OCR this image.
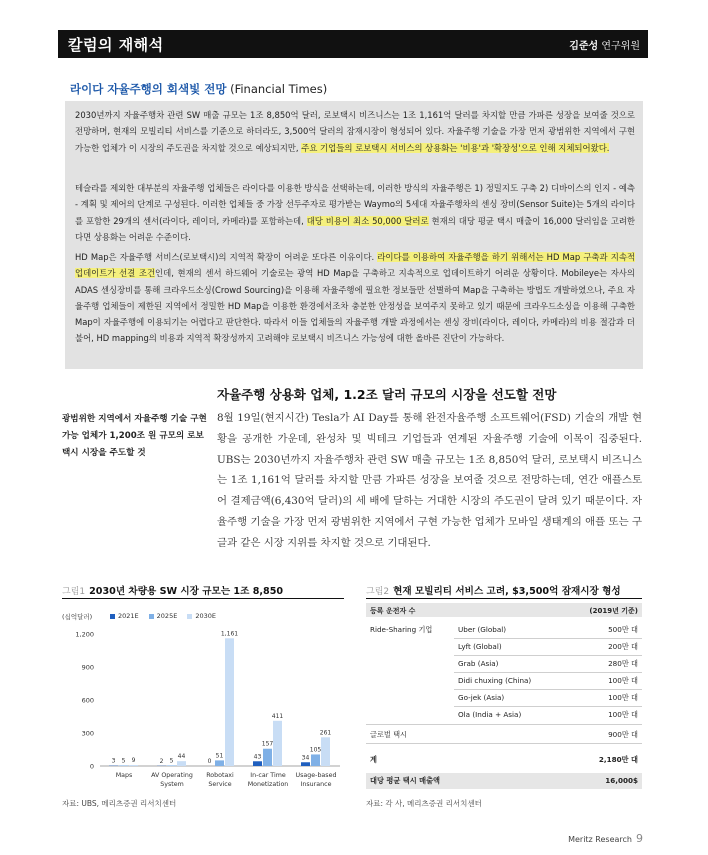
칼럼의 재해석	김준성 연구위원
라이다 자율주행의 회색빛 전망 (Financial Times)
2030년까지 자율주행차 관련 SW 매출 규모는 1조 8,850억 달러, 로보택시 비즈니스는 1조 1,161억 달러를 차지할 만큼 가파른 성장을 보여줄 것으로 전망하며, 현재의 모빌리티 서비스를 기준으로 하더라도, 3,500억 달러의 잠재시장이 형성되어 있다. 자율주행 기술을 가장 먼저 광범위한 지역에서 구현 가능한 업체가 이 시장의 주도권을 차지할 것으로 예상되지만, 주요 기업들의 로보택시 서비스의 상용화는 '비용'과 '확장성'으로 인해 지체되어왔다.
테슬라를 제외한 대부분의 자율주행 업체들은 라이다를 이용한 방식을 선택하는데, 이러한 방식의 자율주행은 1) 정밀지도 구축 2) 디바이스의 인지 - 예측 - 계획 및 제어의 단계로 구성된다. 이러한 업체들 중 가장 선두주자로 평가받는 Waymo의 5세대 자율주행차의 센싱 장비(Sensor Suite)는 5개의 라이다를 포함한 29개의 센서(라이다, 레이더, 카메라)를 포함하는데, 대당 비용이 최소 50,000 달러로 현재의 대당 평균 택시 매출이 16,000 달러임을 고려한다면 상용화는 어려운 수준이다.
HD Map은 자율주행 서비스(로보택시)의 지역적 확장이 어려운 또다른 이유이다. 라이다를 이용하여 자율주행을 하기 위해서는 HD Map 구축과 지속적 업데이트가 선결 조건인데, 현재의 센서 하드웨어 기술로는 광역 HD Map을 구축하고 지속적으로 업데이트하기 어려운 상황이다. Mobileye는 자사의 ADAS 센싱장비를 통해 크라우드소싱(Crowd Sourcing)을 이용해 자율주행에 필요한 정보들만 선별하여 Map을 구축하는 방법도 개발하였으나, 주요 자율주행 업체들이 제한된 지역에서 정밀한 HD Map을 이용한 환경에서조차 충분한 안정성을 보여주지 못하고 있기 때문에 크라우드소싱을 이용해 구축한 Map이 자율주행에 이용되기는 어렵다고 판단한다. 따라서 이들 업체들의 자율주행 개발 과정에서는 센싱 장비(라이다, 레이다, 카메라)의 비용 절감과 더불어, HD mapping의 비용과 지역적 확장성까지 고려해야 로보택시 비즈니스 가능성에 대한 올바른 진단이 가능하다.
자율주행 상용화 업체, 1.2조 달러 규모의 시장을 선도할 전망
광범위한 지역에서 자율주행 기술 구현 가능 업체가 1,200조 원 규모의 로보택시 시장을 주도할 것
8월 19일(현지시간) Tesla가 AI Day를 통해 완전자율주행 소프트웨어(FSD) 기술의 개발 현황을 공개한 가운데, 완성차 및 빅테크 기업들과 연계된 자율주행 기술에 이목이 집중된다. UBS는 2030년까지 자율주행차 관련 SW 매출 규모는 1조 8,850억 달러, 로보택시 비즈니스는 1조 1,161억 달러를 차지할 만큼 가파른 성장을 보여줄 것으로 전망하는데, 연간 애플스토어 결제금액(6,430억 달러)의 세 배에 달하는 거대한 시장의 주도권이 달려 있기 때문이다. 자율주행 기술을 가장 먼저 광범위한 지역에서 구현 가능한 업체가 모바일 생태계의 애플 또는 구글과 같은 시장 지위를 차지할 것으로 기대된다.
그림1 2030년 차량용 SW 시장 규모는 1조 8,850
(십억달러)	2021E	2025E	2030E
0
300
600
900
1,200
3 5 9
Maps
2 5
44
AV Operating
System
0
51
1,161
Robotaxi
Service
43
157
411
In-car Time
Monetization
34
105
261
Usage-based
Insurance
자료: UBS, 메리츠증권 리서치센터
그림2 현재 모빌리티 서비스 고려, $3,500억 잠재시장 형성
등록 운전자 수	(2019년 기준)
Ride-Sharing 기업	Uber (Global)	500만 대
Lyft (Global)	200만 대
Grab (Asia)	280만 대
Didi chuxing (China)	100만 대
Go-jek (Asia)	100만 대
Ola (India + Asia)	100만 대
글로벌 택시	900만 대
계	2,180만 대
대당 평균 택시 매출액	16,000$
자료: 각 사, 메리츠증권 리서치센터
Meritz Research 9
